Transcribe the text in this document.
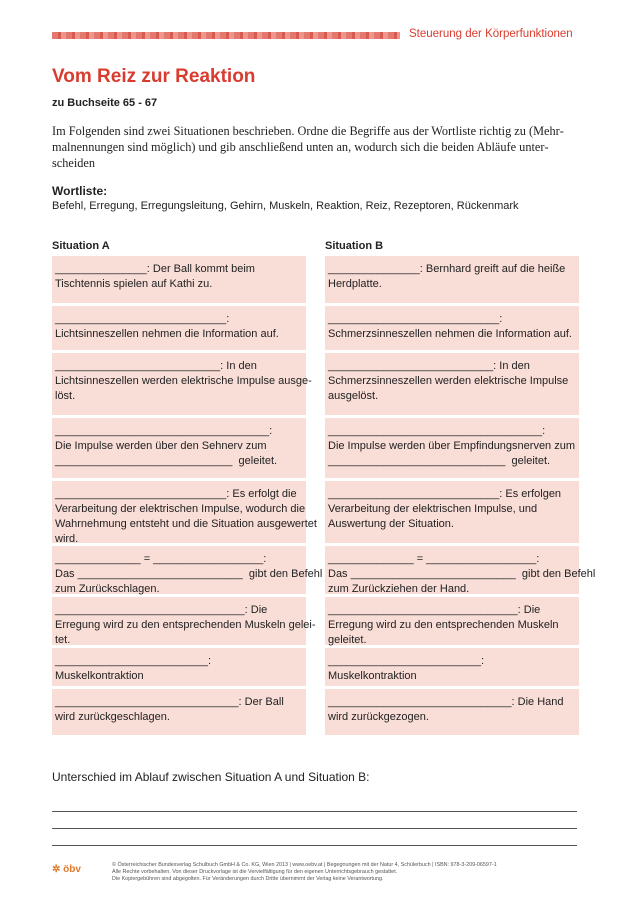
Steuerung der Körperfunktionen
Vom Reiz zur Reaktion
zu Buchseite 65 - 67
Im Folgenden sind zwei Situationen beschrieben. Ordne die Begriffe aus der Wortliste richtig zu (Mehrmalnennungen sind möglich) und gib anschließend unten an, wodurch sich die beiden Abläufe unterscheiden
Wortliste:
Befehl, Erregung, Erregungsleitung, Gehirn, Muskeln, Reaktion, Reiz, Rezeptoren, Rückenmark
Situation A	Situation B
_______________: Der Ball kommt beim
Tischtennis spielen auf Kathi zu.
____________________________:
Lichtsinneszellen nehmen die Information auf.
___________________________: In den
Lichtsinneszellen werden elektrische Impulse ausge-
löst.
___________________________________:
Die Impulse werden über den Sehnerv zum
_____________________________  geleitet.
____________________________: Es erfolgt die
Verarbeitung der elektrischen Impulse, wodurch die
Wahrnehmung entsteht und die Situation ausgewertet
wird.
______________ = __________________:
Das ___________________________  gibt den Befehl
zum Zurückschlagen.
_______________________________: Die
Erregung wird zu den entsprechenden Muskeln gelei-
tet.
_________________________:
Muskelkontraktion
______________________________: Der Ball
wird zurückgeschlagen.
_______________: Bernhard greift auf die heiße
Herdplatte.
____________________________:
Schmerzsinneszellen nehmen die Information auf.
___________________________: In den
Schmerzsinneszellen werden elektrische Impulse
ausgelöst.
___________________________________:
Die Impulse werden über Empfindungsnerven zum
_____________________________  geleitet.
____________________________: Es erfolgen
Verarbeitung der elektrischen Impulse, und
Auswertung der Situation.
______________ = __________________:
Das ___________________________  gibt den Befehl
zum Zurückziehen der Hand.
_______________________________: Die
Erregung wird zu den entsprechenden Muskeln
geleitet.
_________________________:
Muskelkontraktion
______________________________: Die Hand
wird zurückgezogen.
Unterschied im Ablauf zwischen Situation A und Situation B:
✲ öbv	© Österreichischer Bundesverlag Schulbuch GmbH & Co. KG, Wien 2013 | www.oebv.at | Begegnungen mit der Natur 4, Schülerbuch | ISBN: 978-3-209-06597-1
Alle Rechte vorbehalten. Von dieser Druckvorlage ist die Vervielfältigung für den eigenen Unterrichtsgebrauch gestattet.
Die Kopiergebühren sind abgegolten. Für Veränderungen durch Dritte übernimmt der Verlag keine Verantwortung.
